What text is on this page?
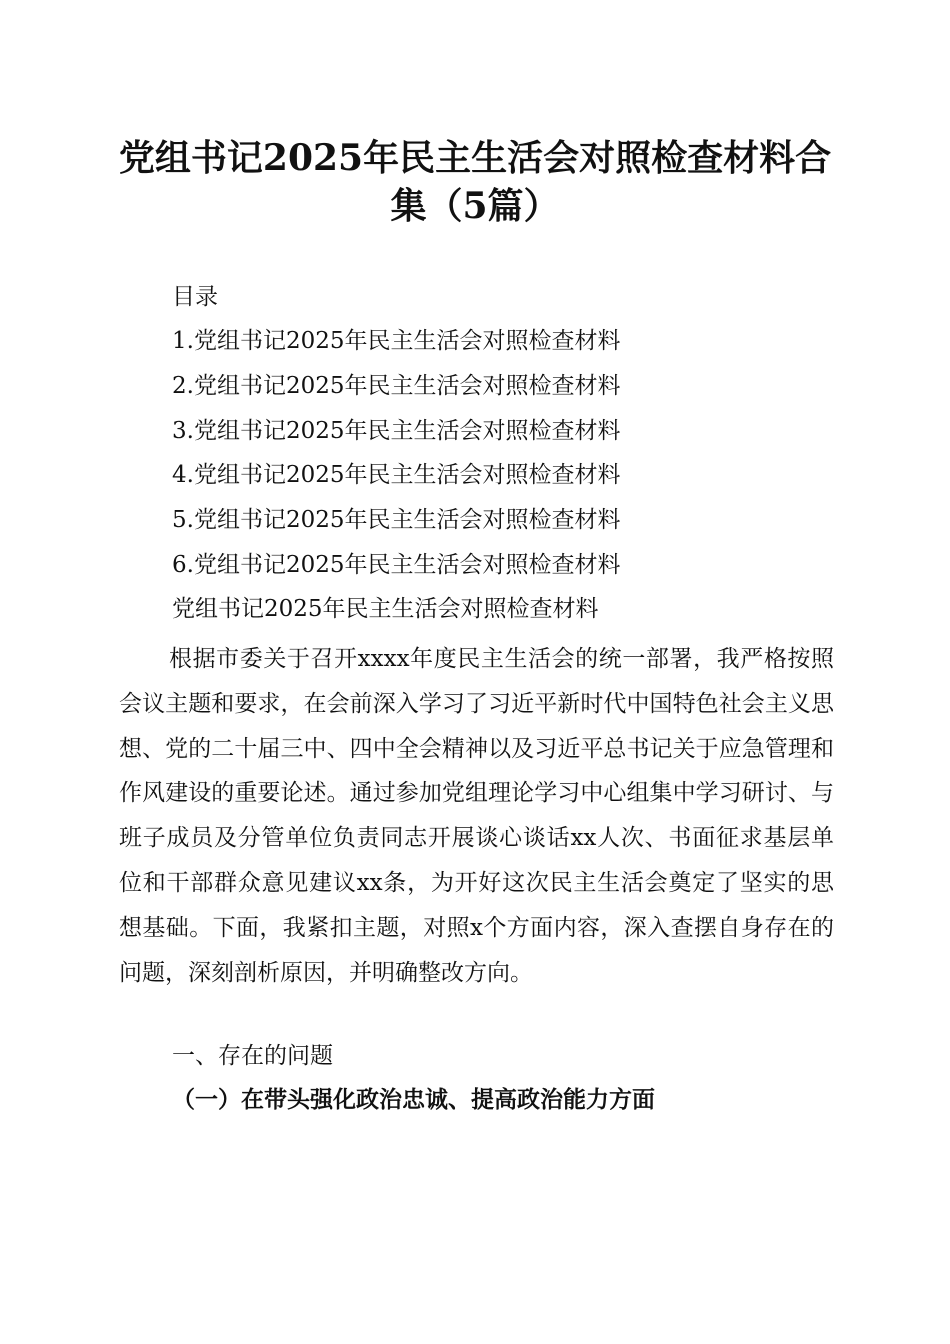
党组书记2025年民主生活会对照检查材料合集（5篇）

目录

1.党组书记2025年民主生活会对照检查材料
2.党组书记2025年民主生活会对照检查材料
3.党组书记2025年民主生活会对照检查材料
4.党组书记2025年民主生活会对照检查材料
5.党组书记2025年民主生活会对照检查材料
6.党组书记2025年民主生活会对照检查材料

党组书记2025年民主生活会对照检查材料

根据市委关于召开xxxx年度民主生活会的统一部署，我严格按照会议主题和要求，在会前深入学习了习近平新时代中国特色社会主义思想、党的二十届三中、四中全会精神以及习近平总书记关于应急管理和作风建设的重要论述。通过参加党组理论学习中心组集中学习研讨、与班子成员及分管单位负责同志开展谈心谈话xx人次、书面征求基层单位和干部群众意见建议xx条，为开好这次民主生活会奠定了坚实的思想基础。下面，我紧扣主题，对照x个方面内容，深入查摆自身存在的问题，深刻剖析原因，并明确整改方向。

一、存在的问题

（一）在带头强化政治忠诚、提高政治能力方面
